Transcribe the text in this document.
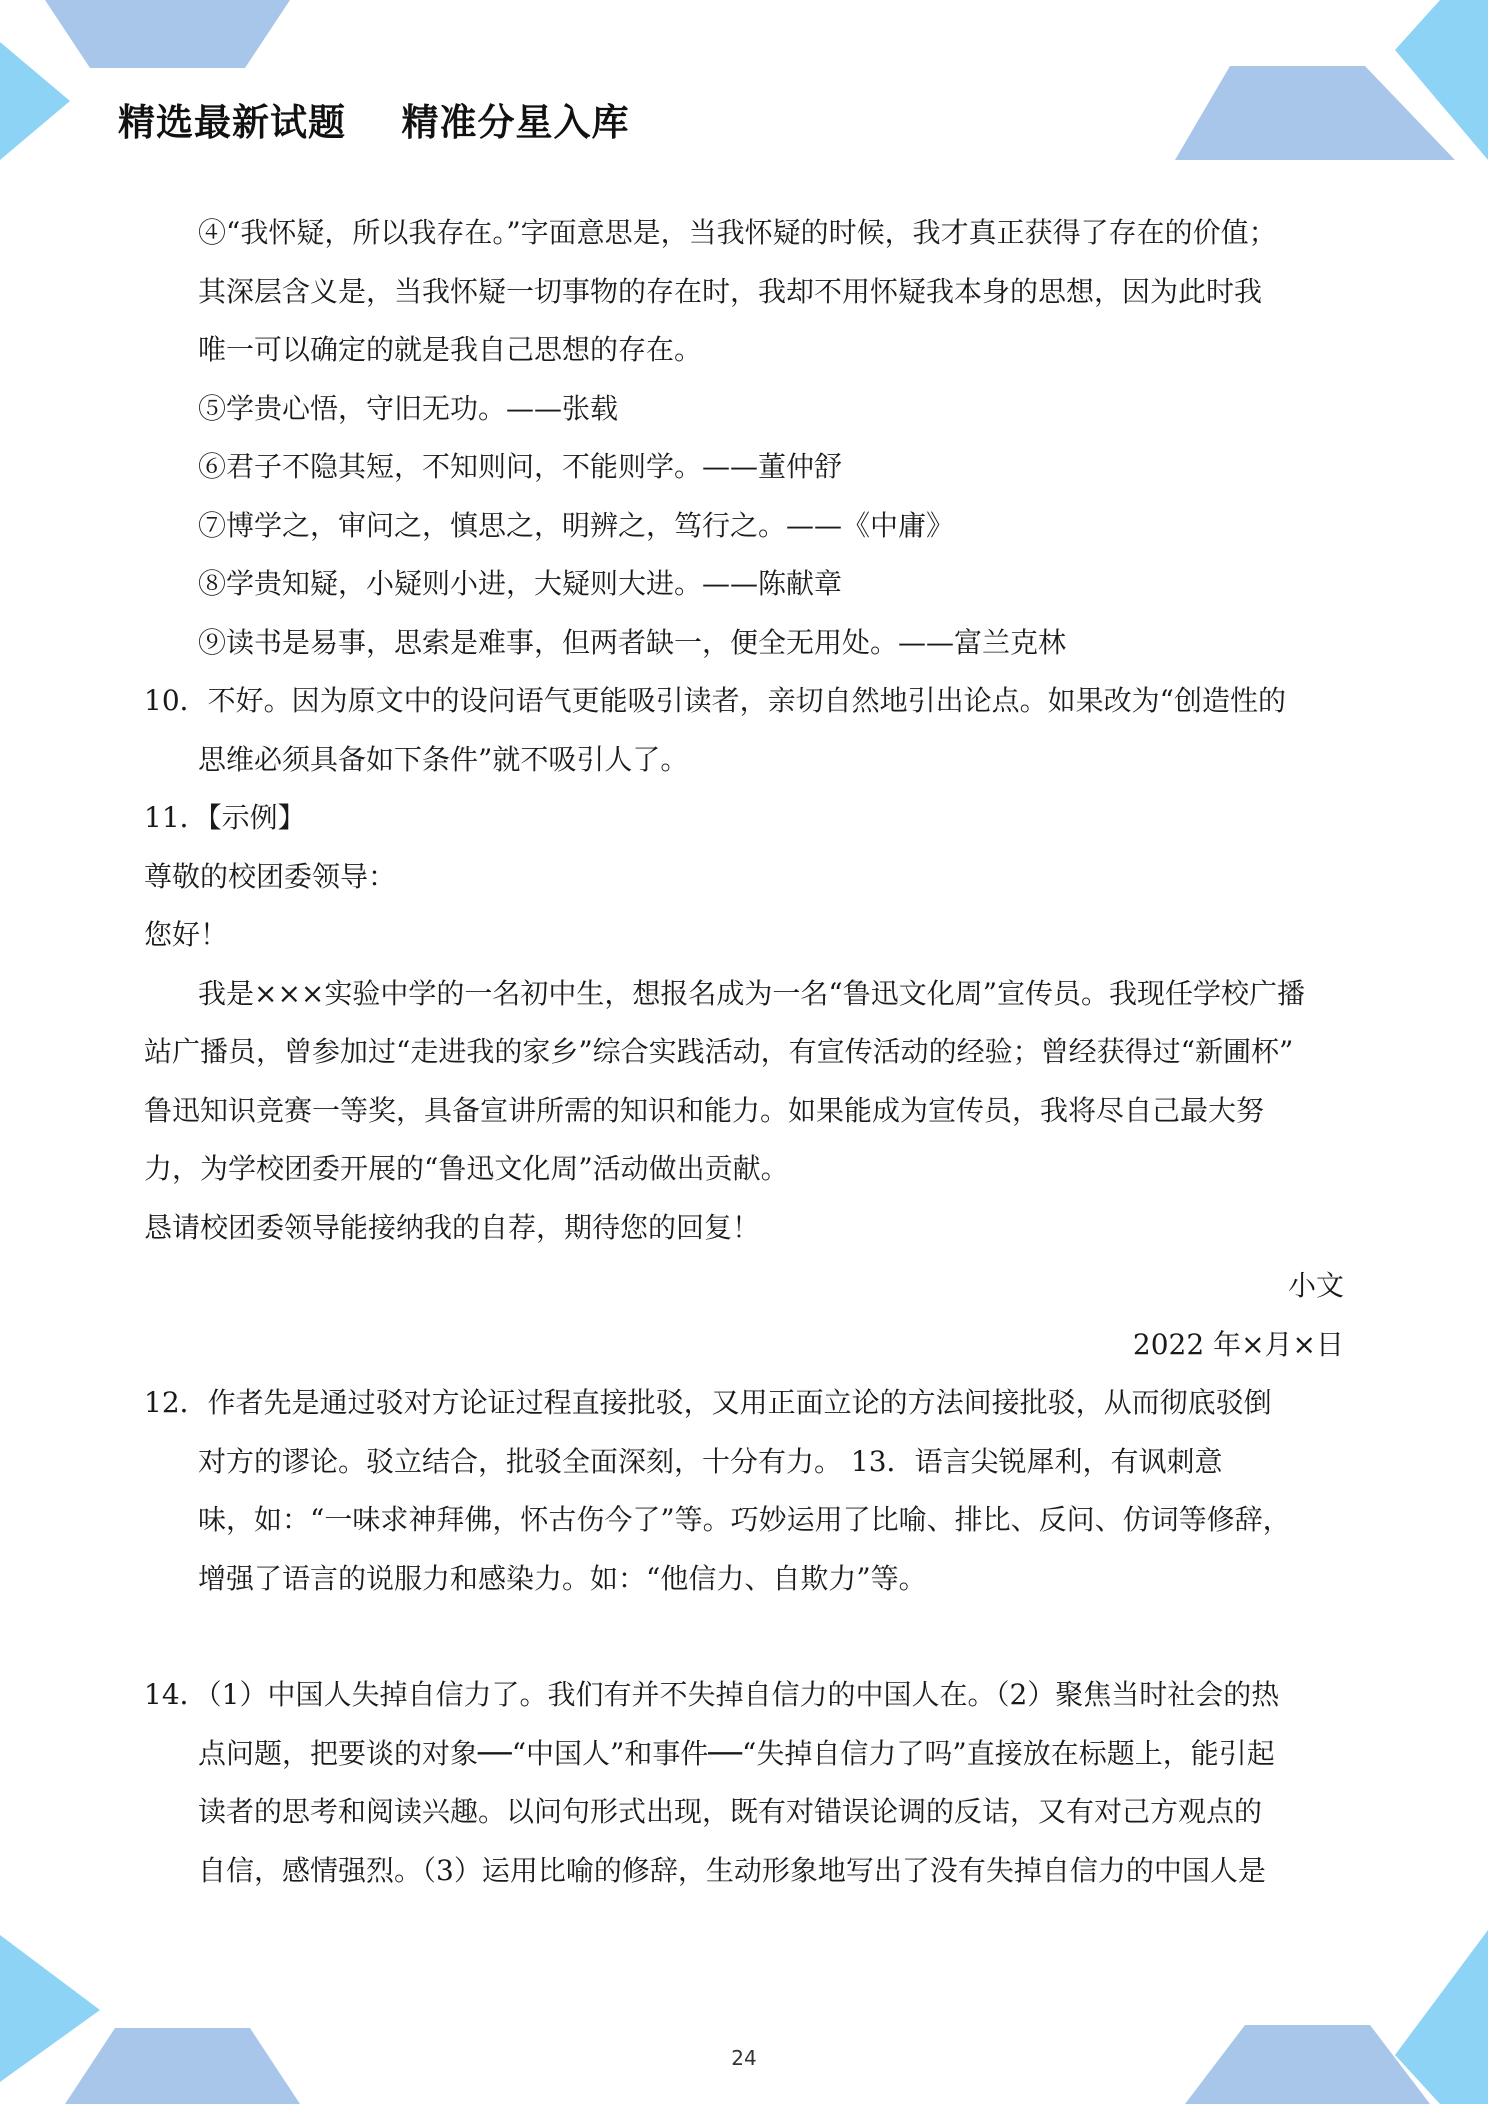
精选最新试题    精准分星入库
④“我怀疑，所以我存在。”字面意思是，当我怀疑的时候，我才真正获得了存在的价值；
其深层含义是，当我怀疑一切事物的存在时，我却不用怀疑我本身的思想，因为此时我
唯一可以确定的就是我自己思想的存在。
⑤学贵心悟，守旧无功。——张载
⑥君子不隐其短，不知则问，不能则学。——董仲舒
⑦博学之，审问之，慎思之，明辨之，笃行之。——《中庸》
⑧学贵知疑，小疑则小进，大疑则大进。——陈献章
⑨读书是易事，思索是难事，但两者缺一，便全无用处。——富兰克林
10．不好。因为原文中的设问语气更能吸引读者，亲切自然地引出论点。如果改为“创造性的
思维必须具备如下条件”就不吸引人了。
11．【示例】
尊敬的校团委领导：
您好！
我是×××实验中学的一名初中生，想报名成为一名“鲁迅文化周”宣传员。我现任学校广播
站广播员，曾参加过“走进我的家乡”综合实践活动，有宣传活动的经验；曾经获得过“新圃杯”
鲁迅知识竞赛一等奖，具备宣讲所需的知识和能力。如果能成为宣传员，我将尽自己最大努
力，为学校团委开展的“鲁迅文化周”活动做出贡献。
恳请校团委领导能接纳我的自荐，期待您的回复！
小文
2022 年×月×日
12．作者先是通过驳对方论证过程直接批驳，又用正面立论的方法间接批驳，从而彻底驳倒
对方的谬论。驳立结合，批驳全面深刻，十分有力。 13．语言尖锐犀利，有讽刺意
味，如：“一味求神拜佛，怀古伤今了”等。巧妙运用了比喻、排比、反问、仿词等修辞，
增强了语言的说服力和感染力。如：“他信力、自欺力”等。
14．（1）中国人失掉自信力了。我们有并不失掉自信力的中国人在。（2）聚焦当时社会的热
点问题，把要谈的对象──“中国人”和事件──“失掉自信力了吗”直接放在标题上，能引起
读者的思考和阅读兴趣。以问句形式出现，既有对错误论调的反诘，又有对己方观点的
自信，感情强烈。（3）运用比喻的修辞，生动形象地写出了没有失掉自信力的中国人是
24
